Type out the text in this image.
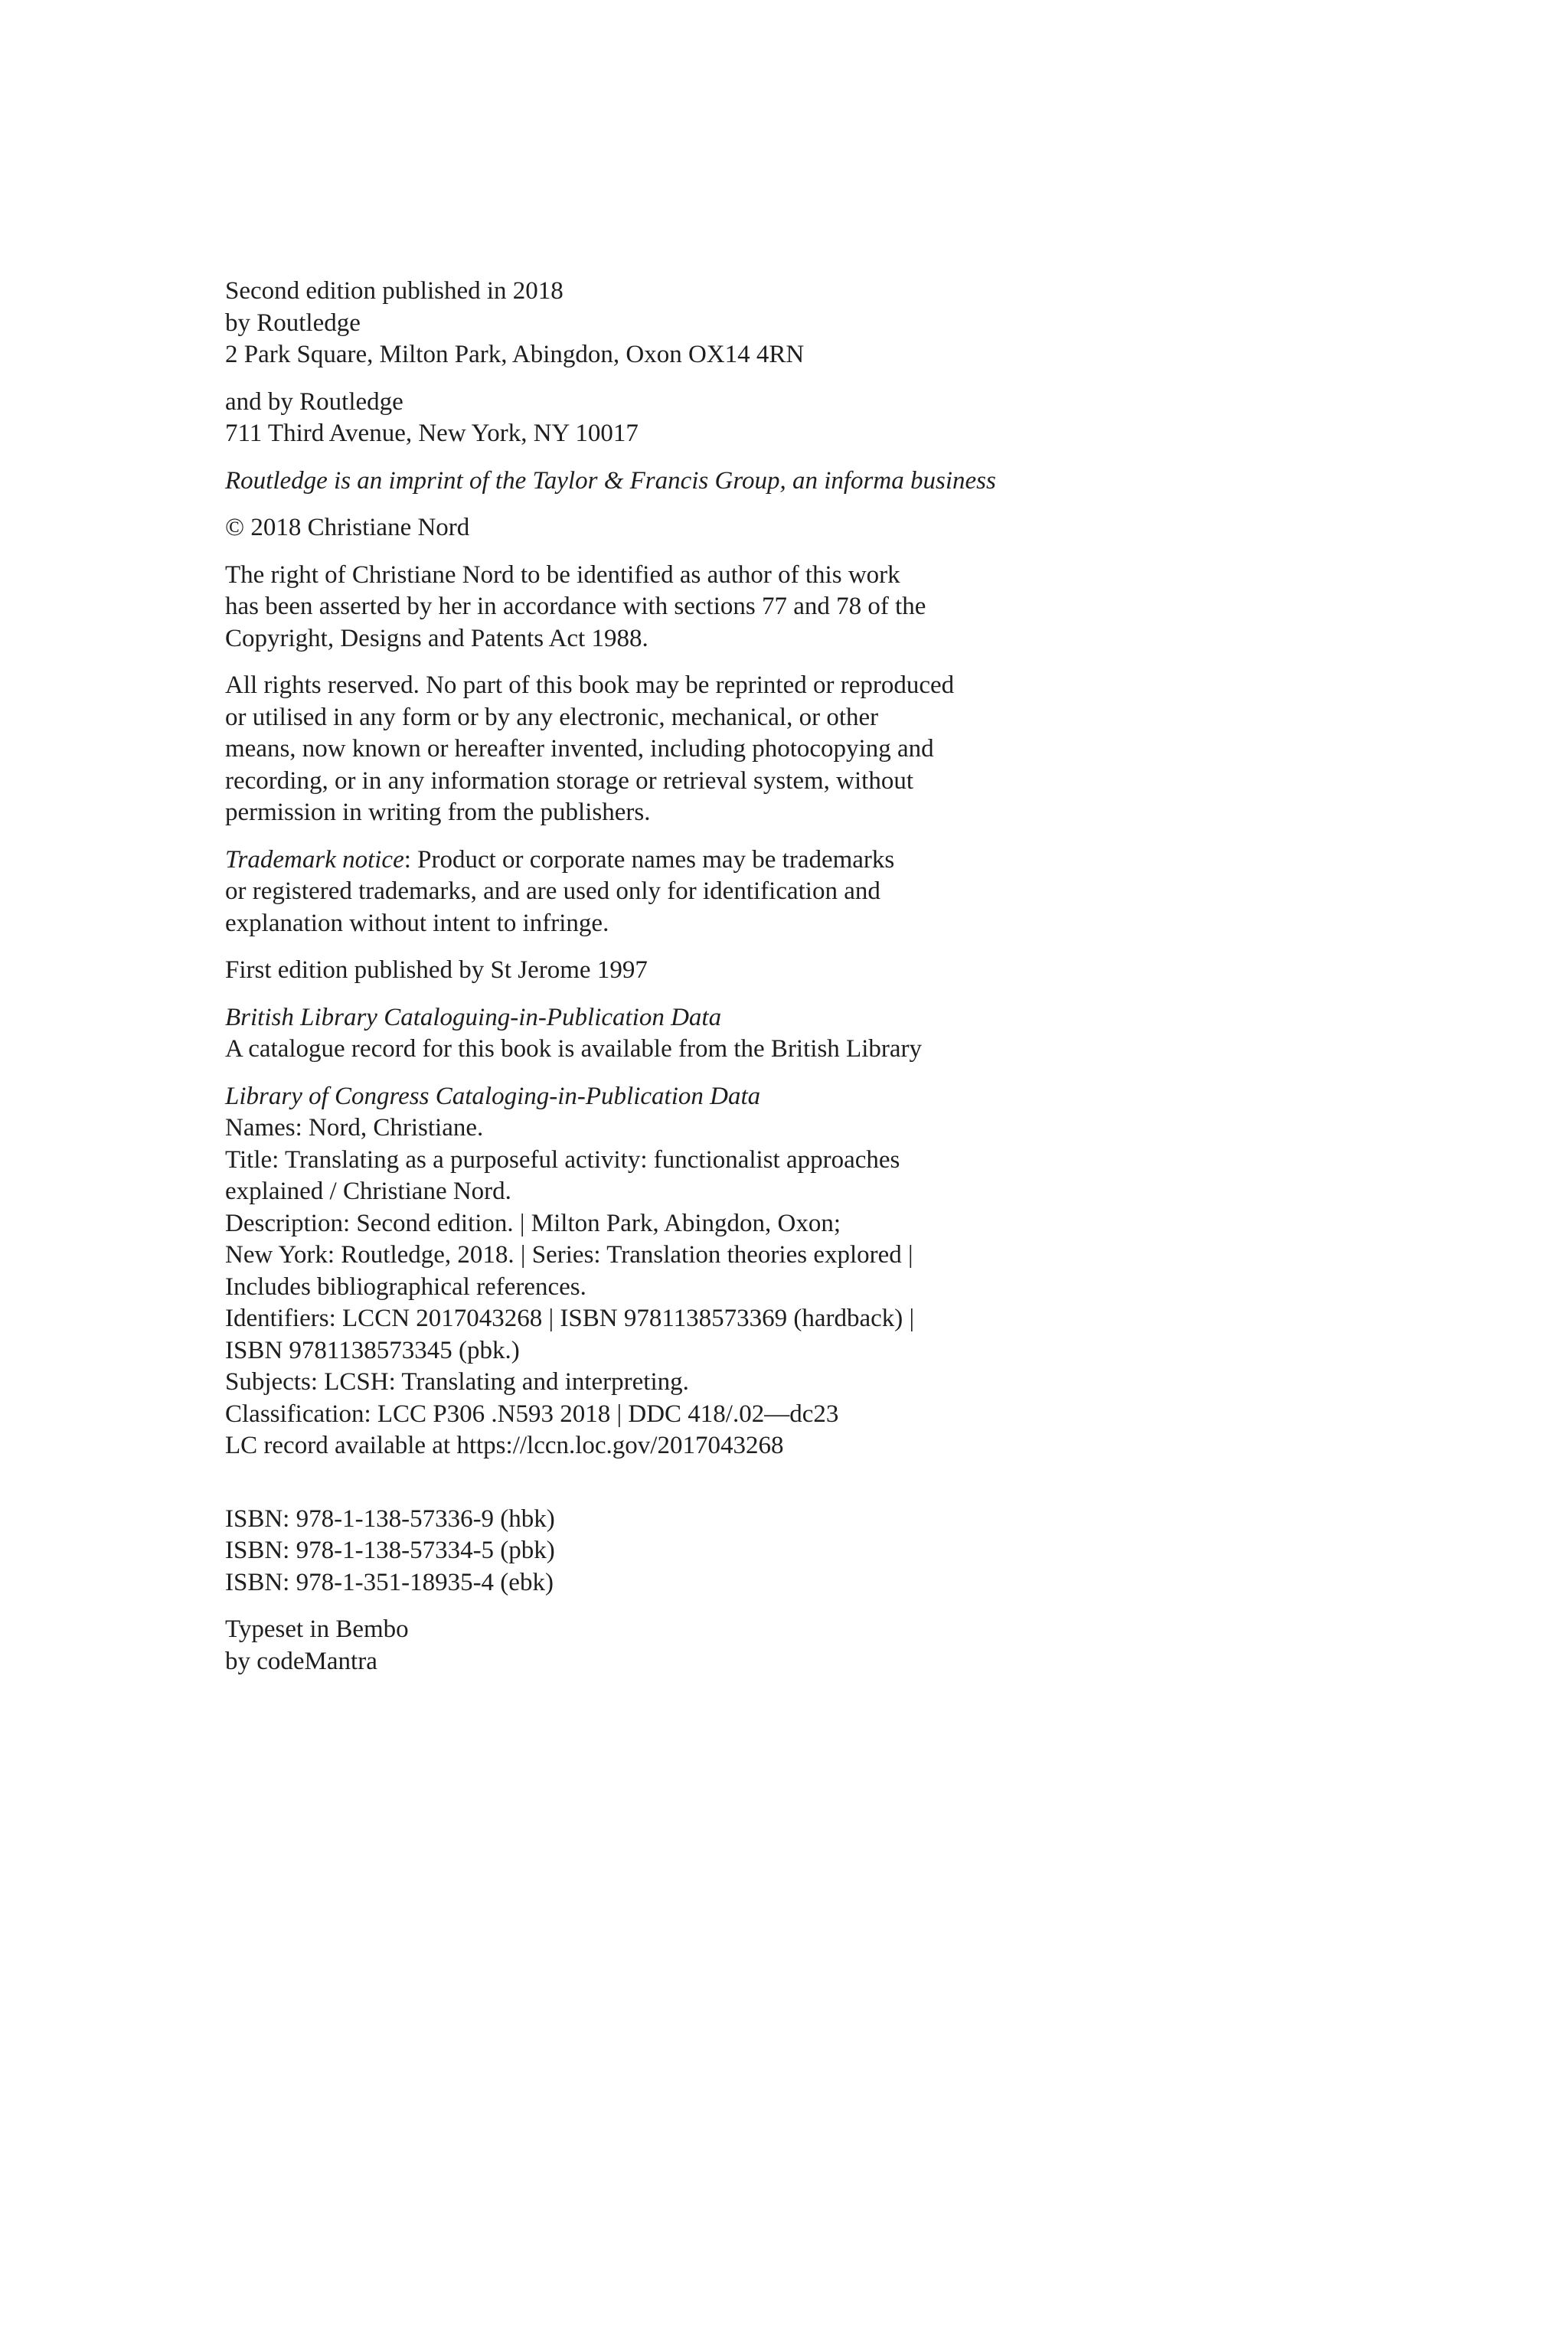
Second edition published in 2018
by Routledge
2 Park Square, Milton Park, Abingdon, Oxon OX14 4RN
and by Routledge
711 Third Avenue, New York, NY 10017
Routledge is an imprint of the Taylor & Francis Group, an informa business
© 2018 Christiane Nord
The right of Christiane Nord to be identified as author of this work
has been asserted by her in accordance with sections 77 and 78 of the
Copyright, Designs and Patents Act 1988.
All rights reserved. No part of this book may be reprinted or reproduced
or utilised in any form or by any electronic, mechanical, or other
means, now known or hereafter invented, including photocopying and
recording, or in any information storage or retrieval system, without
permission in writing from the publishers.
Trademark notice: Product or corporate names may be trademarks
or registered trademarks, and are used only for identification and
explanation without intent to infringe.
First edition published by St Jerome 1997
British Library Cataloguing-in-Publication Data
A catalogue record for this book is available from the British Library
Library of Congress Cataloging-in-Publication Data
Names: Nord, Christiane.
Title: Translating as a purposeful activity: functionalist approaches
explained / Christiane Nord.
Description: Second edition. | Milton Park, Abingdon, Oxon;
New York: Routledge, 2018. | Series: Translation theories explored |
Includes bibliographical references.
Identifiers: LCCN 2017043268 | ISBN 9781138573369 (hardback) |
ISBN 9781138573345 (pbk.)
Subjects: LCSH: Translating and interpreting.
Classification: LCC P306 .N593 2018 | DDC 418/.02—dc23
LC record available at https://lccn.loc.gov/2017043268
ISBN: 978-1-138-57336-9 (hbk)
ISBN: 978-1-138-57334-5 (pbk)
ISBN: 978-1-351-18935-4 (ebk)
Typeset in Bembo
by codeMantra
